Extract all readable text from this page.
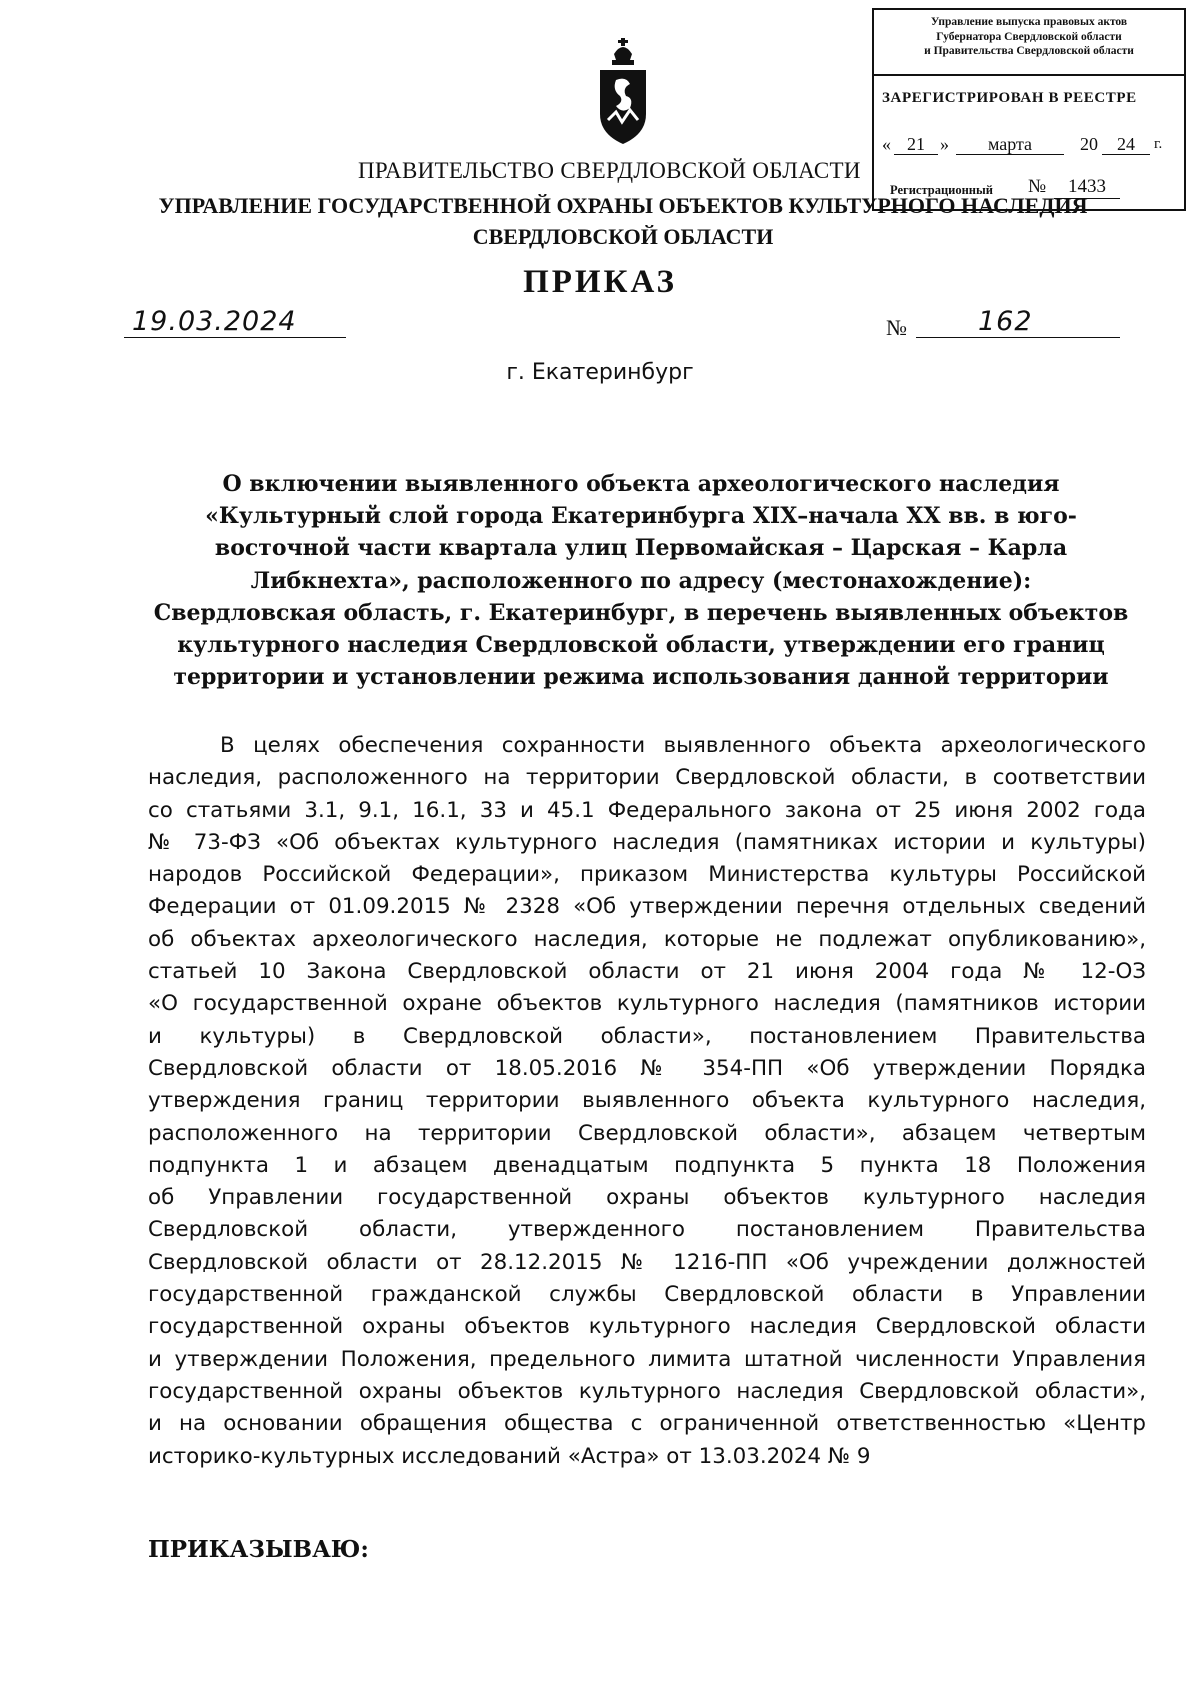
Управление выпуска правовых актов
Губернатора Свердловской области
и Правительства Свердловской области
ЗАРЕГИСТРИРОВАН В РЕЕСТРЕ
« 21 »	марта	20	24	г.
Регистрационный №	1433
ПРАВИТЕЛЬСТВО СВЕРДЛОВСКОЙ ОБЛАСТИ
УПРАВЛЕНИЕ ГОСУДАРСТВЕННОЙ ОХРАНЫ ОБЪЕКТОВ КУЛЬТУРНОГО НАСЛЕДИЯ
СВЕРДЛОВСКОЙ ОБЛАСТИ
ПРИКАЗ
19.03.2024	№	162
г. Екатеринбург
О включении выявленного объекта археологического наследия
«Культурный слой города Екатеринбурга XIX–начала XX вв. в юго-
восточной части квартала улиц Первомайская – Царская – Карла
Либкнехта», расположенного по адресу (местонахождение):
Свердловская область, г. Екатеринбург, в перечень выявленных объектов
культурного наследия Свердловской области, утверждении его границ
территории и установлении режима использования данной территории
В целях обеспечения сохранности выявленного объекта археологического
наследия, расположенного на территории Свердловской области, в соответствии
со статьями 3.1, 9.1, 16.1, 33 и 45.1 Федерального закона от 25 июня 2002 года
№ 73-ФЗ «Об объектах культурного наследия (памятниках истории и культуры)
народов Российской Федерации», приказом Министерства культуры Российской
Федерации от 01.09.2015 № 2328 «Об утверждении перечня отдельных сведений
об объектах археологического наследия, которые не подлежат опубликованию»,
статьей 10 Закона Свердловской области от 21 июня 2004 года № 12-ОЗ
«О государственной охране объектов культурного наследия (памятников истории
и культуры) в Свердловской области», постановлением Правительства
Свердловской области от 18.05.2016 № 354-ПП «Об утверждении Порядка
утверждения границ территории выявленного объекта культурного наследия,
расположенного на территории Свердловской области», абзацем четвертым
подпункта 1 и абзацем двенадцатым подпункта 5 пункта 18 Положения
об Управлении государственной охраны объектов культурного наследия
Свердловской области, утвержденного постановлением Правительства
Свердловской области от 28.12.2015 № 1216-ПП «Об учреждении должностей
государственной гражданской службы Свердловской области в Управлении
государственной охраны объектов культурного наследия Свердловской области
и утверждении Положения, предельного лимита штатной численности Управления
государственной охраны объектов культурного наследия Свердловской области»,
и на основании обращения общества с ограниченной ответственностью «Центр
историко-культурных исследований «Астра» от 13.03.2024 № 9
ПРИКАЗЫВАЮ:
